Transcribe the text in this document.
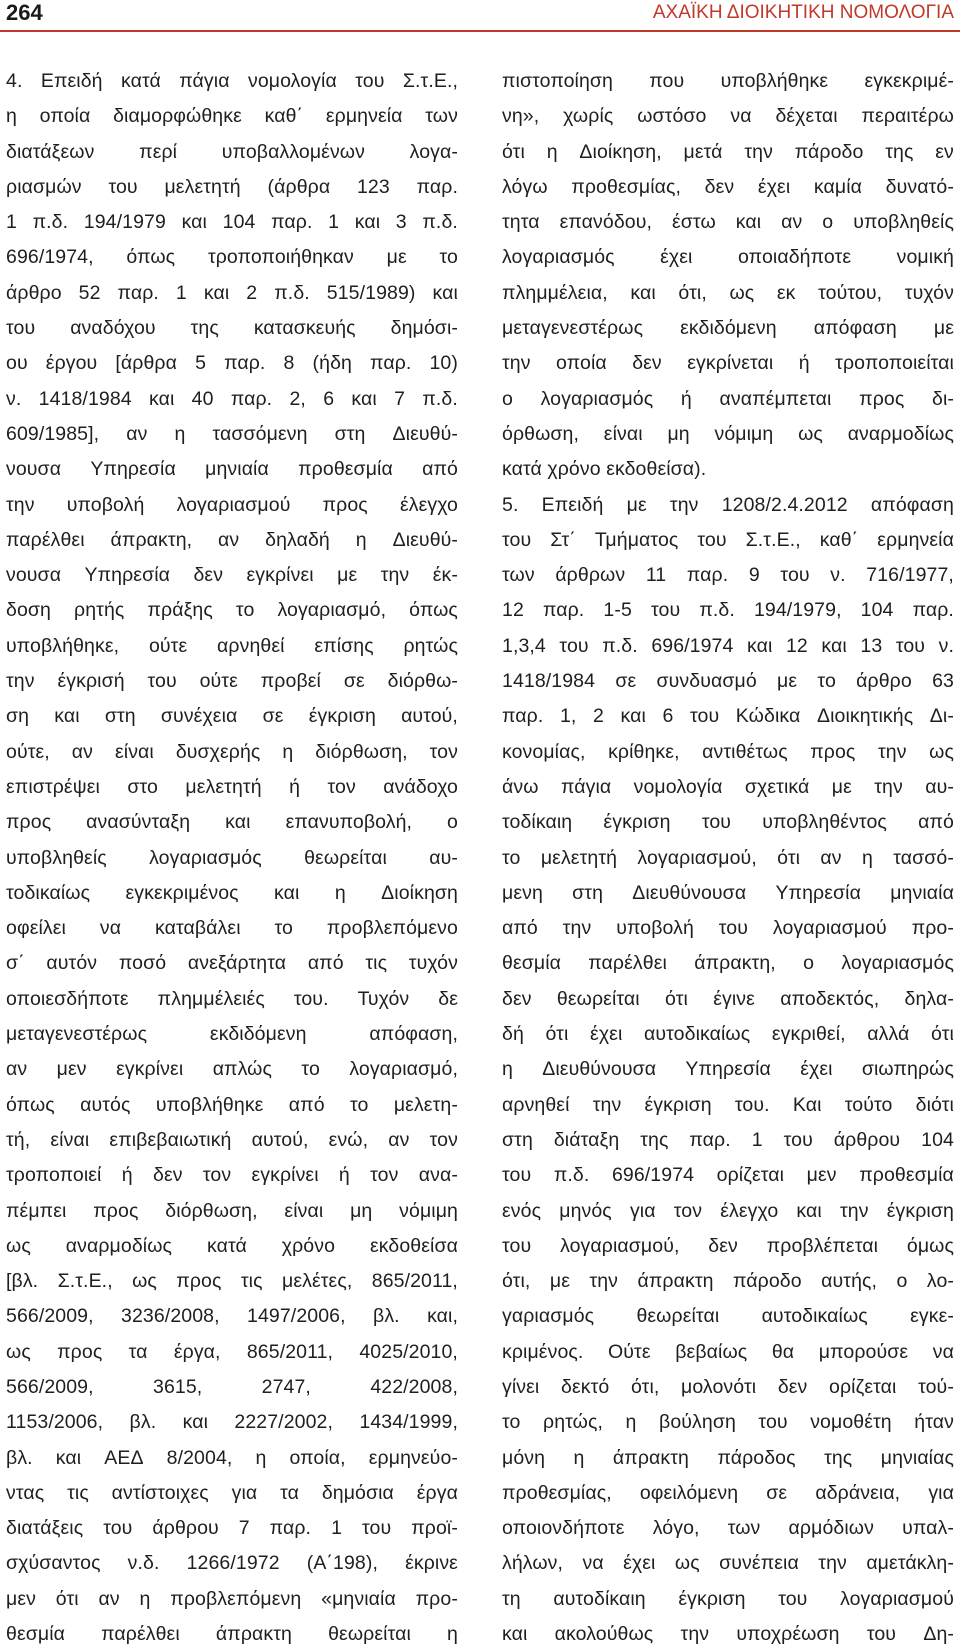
264	ΑΧΑΪΚΗ ΔΙΟΙΚΗΤΙΚΗ ΝΟΜΟΛΟΓΙΑ
4. Επειδή κατά πάγια νομολογία του Σ.τ.Ε.,
η οποία διαμορφώθηκε καθ΄ ερμηνεία των
διατάξεων περί υποβαλλομένων λογα-
ριασμών του μελετητή (άρθρα 123 παρ.
1 π.δ. 194/1979 και 104 παρ. 1 και 3 π.δ.
696/1974, όπως τροποποιήθηκαν με το
άρθρο 52 παρ. 1 και 2 π.δ. 515/1989) και
του αναδόχου της κατασκευής δημόσι-
ου έργου [άρθρα 5 παρ. 8 (ήδη παρ. 10)
ν. 1418/1984 και 40 παρ. 2, 6 και 7 π.δ.
609/1985], αν η τασσόμενη στη Διευθύ-
νουσα Υπηρεσία μηνιαία προθεσμία από
την υποβολή λογαριασμού προς έλεγχο
παρέλθει άπρακτη, αν δηλαδή η Διευθύ-
νουσα Υπηρεσία δεν εγκρίνει με την έκ-
δοση ρητής πράξης το λογαριασμό, όπως
υποβλήθηκε, ούτε αρνηθεί επίσης ρητώς
την έγκρισή του ούτε προβεί σε διόρθω-
ση και στη συνέχεια σε έγκριση αυτού,
ούτε, αν είναι δυσχερής η διόρθωση, τον
επιστρέψει στο μελετητή ή τον ανάδοχο
προς ανασύνταξη και επανυποβολή, ο
υποβληθείς λογαριασμός θεωρείται αυ-
τοδικαίως εγκεκριμένος και η Διοίκηση
οφείλει να καταβάλει το προβλεπόμενο
σ΄ αυτόν ποσό ανεξάρτητα από τις τυχόν
οποιεσδήποτε πλημμέλειές του. Τυχόν δε
μεταγενεστέρως	εκδιδόμενη	απόφαση,
αν μεν εγκρίνει απλώς το λογαριασμό,
όπως αυτός υποβλήθηκε από το μελετη-
τή, είναι επιβεβαιωτική αυτού, ενώ, αν τον
τροποποιεί ή δεν τον εγκρίνει ή τον ανα-
πέμπει προς διόρθωση, είναι μη νόμιμη
ως αναρμοδίως κατά χρόνο εκδοθείσα
[βλ. Σ.τ.Ε., ως προς τις μελέτες, 865/2011,
566/2009, 3236/2008, 1497/2006, βλ. και,
ως προς τα έργα, 865/2011, 4025/2010,
566/2009,	3615,	2747,	422/2008,
1153/2006, βλ. και 2227/2002, 1434/1999,
βλ. και ΑΕΔ 8/2004, η οποία, ερμηνεύο-
ντας τις αντίστοιχες για τα δημόσια έργα
διατάξεις του άρθρου 7 παρ. 1 του προϊ-
σχύσαντος ν.δ. 1266/1972 (Α΄198), έκρινε
μεν ότι αν η προβλεπόμενη «μηνιαία προ-
θεσμία παρέλθει άπρακτη θεωρείται η
πιστοποίηση που υποβλήθηκε εγκεκριμέ-
νη», χωρίς ωστόσο να δέχεται περαιτέρω
ότι η Διοίκηση, μετά την πάροδο της εν
λόγω προθεσμίας, δεν έχει καμία δυνατό-
τητα επανόδου, έστω και αν ο υποβληθείς
λογαριασμός έχει οποιαδήποτε νομική
πλημμέλεια, και ότι, ως εκ τούτου, τυχόν
μεταγενεστέρως εκδιδόμενη απόφαση με
την οποία δεν εγκρίνεται ή τροποποιείται
ο λογαριασμός ή αναπέμπεται προς δι-
όρθωση, είναι μη νόμιμη ως αναρμοδίως
κατά χρόνο εκδοθείσα).
5. Επειδή με την 1208/2.4.2012 απόφαση
του Στ΄ Τμήματος του Σ.τ.Ε., καθ΄ ερμηνεία
των άρθρων 11 παρ. 9 του ν. 716/1977,
12 παρ. 1-5 του π.δ. 194/1979, 104 παρ.
1,3,4 του π.δ. 696/1974 και 12 και 13 του ν.
1418/1984 σε συνδυασμό με το άρθρο 63
παρ. 1, 2 και 6 του Κώδικα Διοικητικής Δι-
κονομίας, κρίθηκε, αντιθέτως προς την ως
άνω πάγια νομολογία σχετικά με την αυ-
τοδίκαιη έγκριση του υποβληθέντος από
το μελετητή λογαριασμού, ότι αν η τασσό-
μενη στη Διευθύνουσα Υπηρεσία μηνιαία
από την υποβολή του λογαριασμού προ-
θεσμία παρέλθει άπρακτη, ο λογαριασμός
δεν θεωρείται ότι έγινε αποδεκτός, δηλα-
δή ότι έχει αυτοδικαίως εγκριθεί, αλλά ότι
η Διευθύνουσα Υπηρεσία έχει σιωπηρώς
αρνηθεί την έγκριση του. Και τούτο διότι
στη διάταξη της παρ. 1 του άρθρου 104
του π.δ. 696/1974 ορίζεται μεν προθεσμία
ενός μηνός για τον έλεγχο και την έγκριση
του λογαριασμού, δεν προβλέπεται όμως
ότι, με την άπρακτη πάροδο αυτής, ο λο-
γαριασμός θεωρείται αυτοδικαίως εγκε-
κριμένος. Ούτε βεβαίως θα μπορούσε να
γίνει δεκτό ότι, μολονότι δεν ορίζεται τού-
το ρητώς, η βούληση του νομοθέτη ήταν
μόνη η άπρακτη πάροδος της μηνιαίας
προθεσμίας, οφειλόμενη σε αδράνεια, για
οποιονδήποτε λόγο, των αρμόδιων υπαλ-
λήλων, να έχει ως συνέπεια την αμετάκλη-
τη αυτοδίκαιη έγκριση του λογαριασμού
και ακολούθως την υποχρέωση του Δη-
